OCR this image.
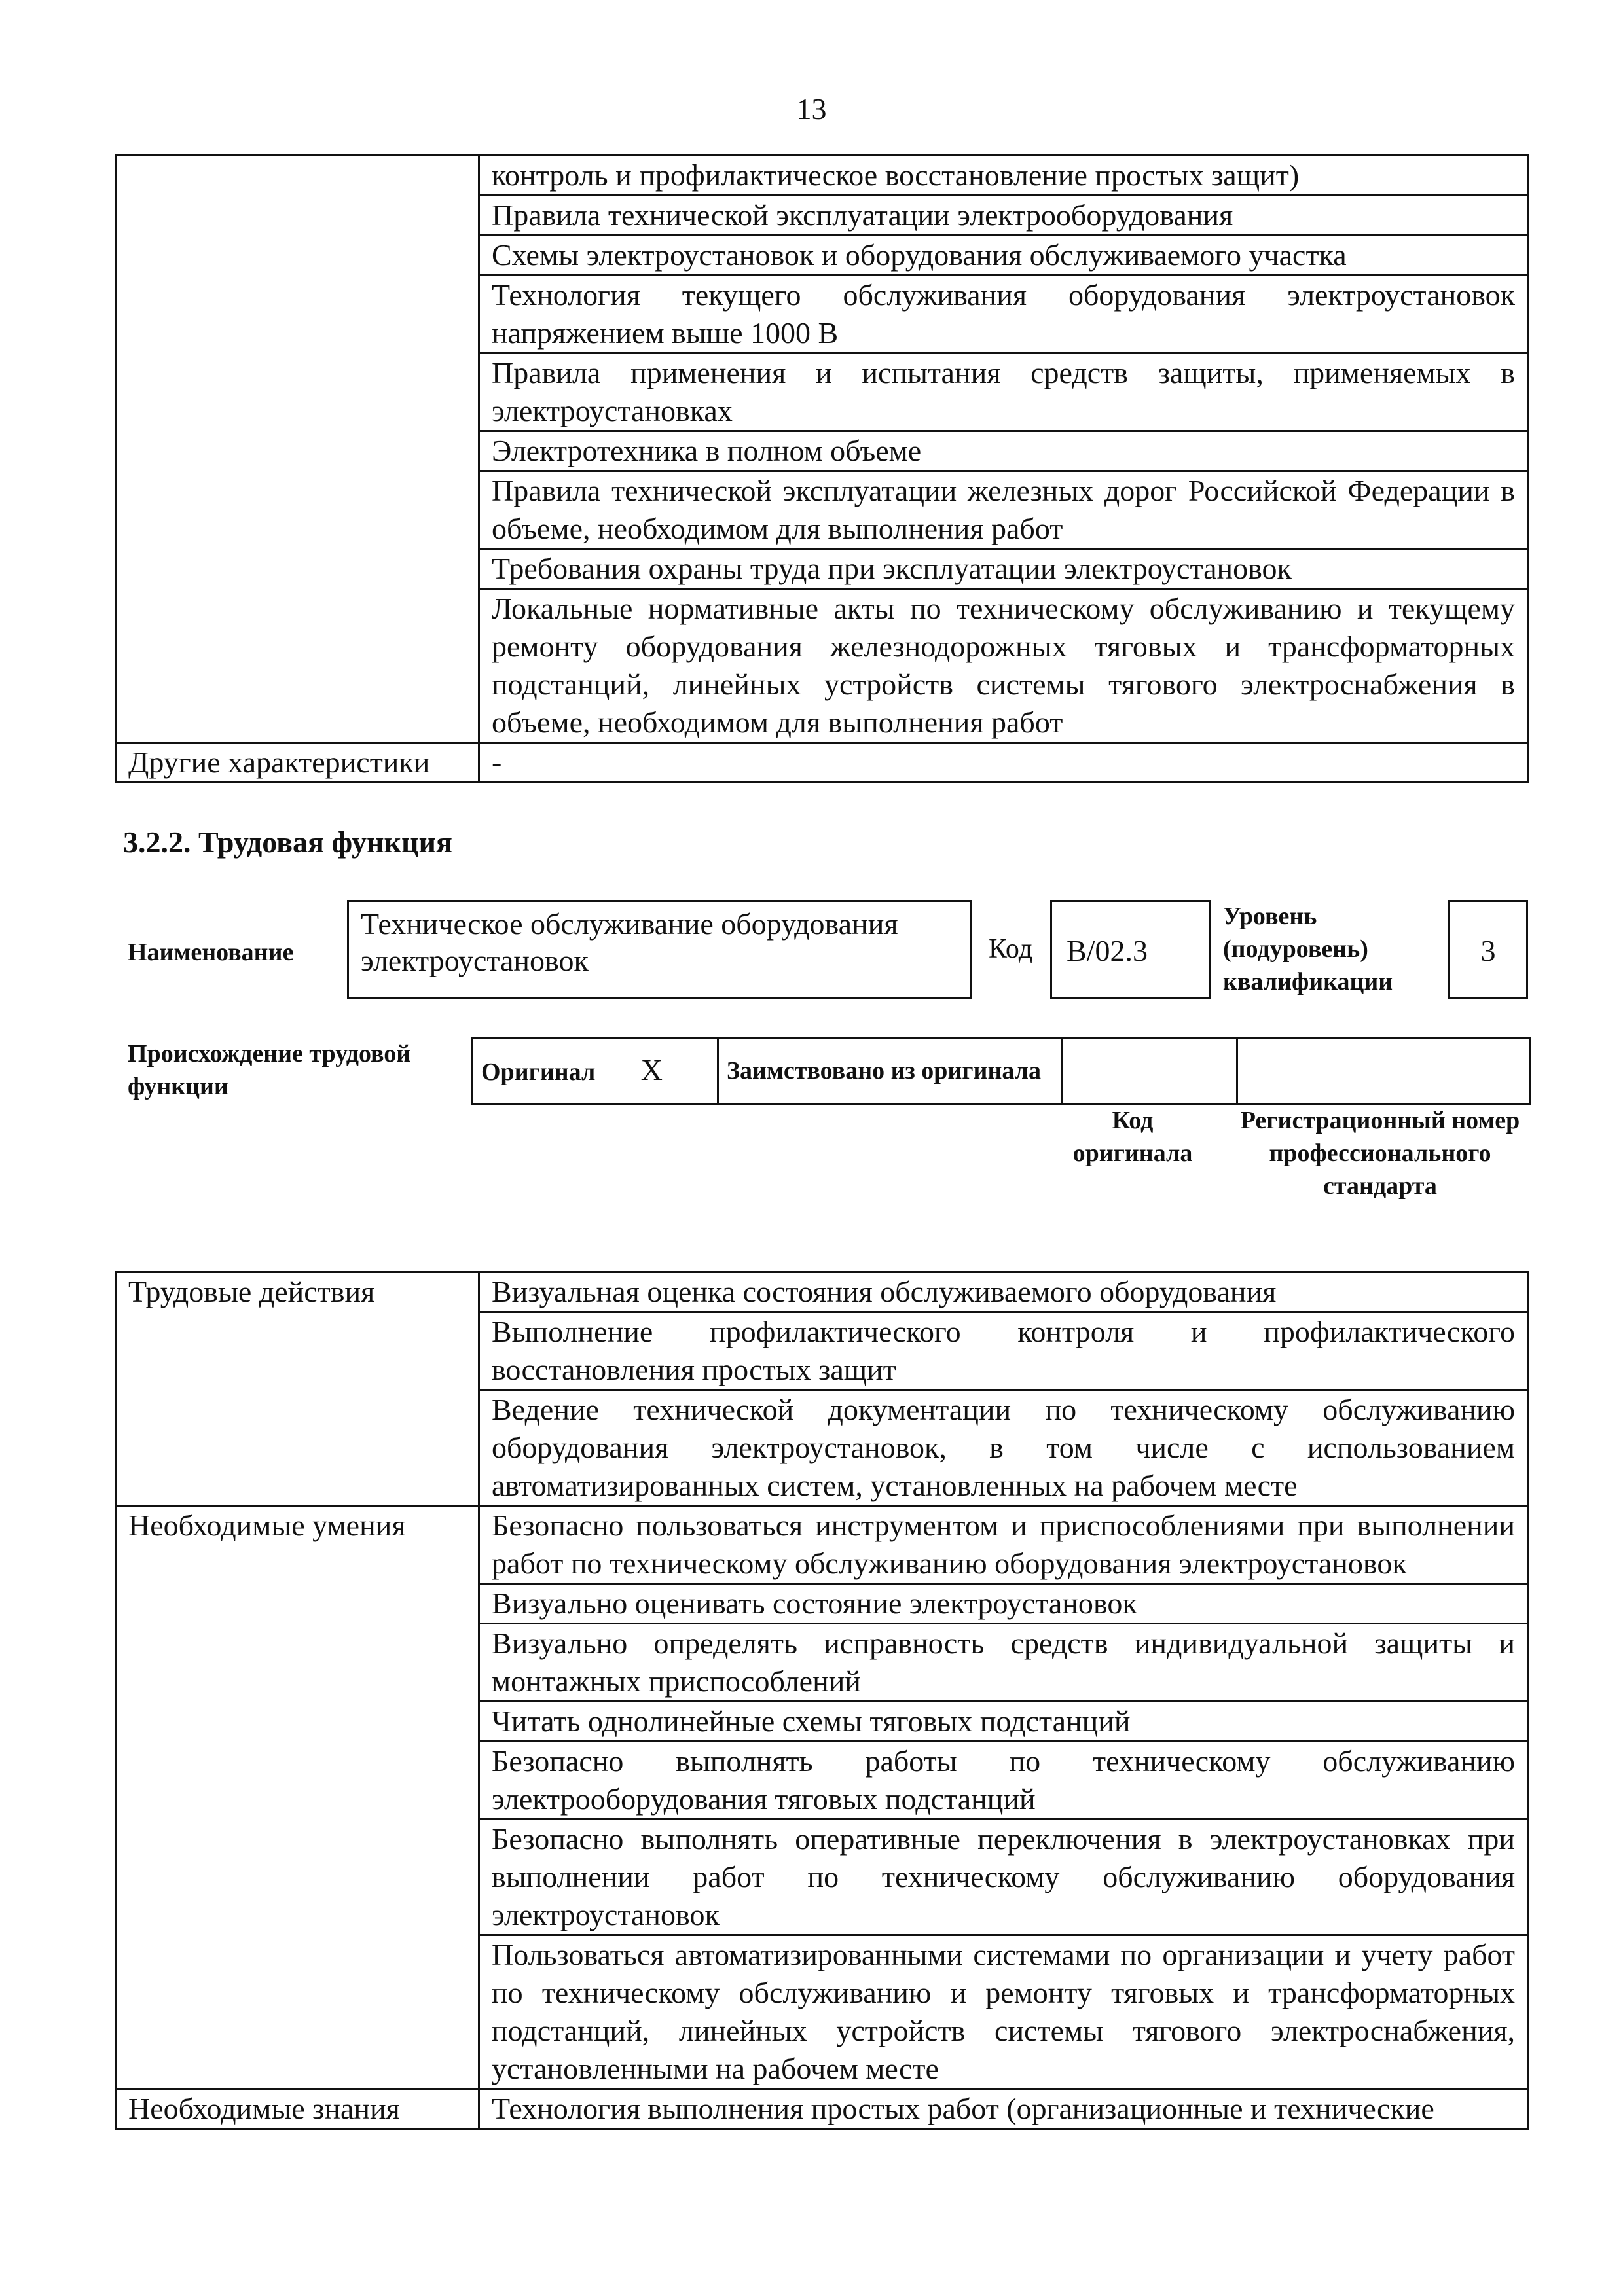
13
	контроль и профилактическое восстановление простых защит)
	Правила технической эксплуатации электрооборудования
	Схемы электроустановок и оборудования обслуживаемого участка
	Технология текущего обслуживания оборудования электроустановок напряжением выше 1000 В
	Правила применения и испытания средств защиты, применяемых в электроустановках
	Электротехника в полном объеме
	Правила технической эксплуатации железных дорог Российской Федерации в объеме, необходимом для выполнения работ
	Требования охраны труда при эксплуатации электроустановок
	Локальные нормативные акты по техническому обслуживанию и текущему ремонту оборудования железнодорожных тяговых и трансформаторных подстанций, линейных устройств системы тягового электроснабжения в объеме, необходимом для выполнения работ
Другие характеристики	-
3.2.2. Трудовая функция
Наименование
Техническое обслуживание оборудования электроустановок	Код	B/02.3
Уровень (подуровень) квалификации
3
Происхождение трудовой функции
Оригинал X	Заимствовано из оригинала		
Код оригинала
Регистрационный номер профессионального стандарта
Трудовые действия	Визуальная оценка состояния обслуживаемого оборудования
	Выполнение профилактического контроля и профилактического восстановления простых защит
	Ведение технической документации по техническому обслуживанию оборудования электроустановок, в том числе с использованием автоматизированных систем, установленных на рабочем месте
Необходимые умения	Безопасно пользоваться инструментом и приспособлениями при выполнении работ по техническому обслуживанию оборудования электроустановок
	Визуально оценивать состояние электроустановок
	Визуально определять исправность средств индивидуальной защиты и монтажных приспособлений
	Читать однолинейные схемы тяговых подстанций
	Безопасно выполнять работы по техническому обслуживанию электрооборудования тяговых подстанций
	Безопасно выполнять оперативные переключения в электроустановках при выполнении работ по техническому обслуживанию оборудования электроустановок
	Пользоваться автоматизированными системами по организации и учету работ по техническому обслуживанию и ремонту тяговых и трансформаторных подстанций, линейных устройств системы тягового электроснабжения, установленными на рабочем месте
Необходимые знания	Технология выполнения простых работ (организационные и технические
